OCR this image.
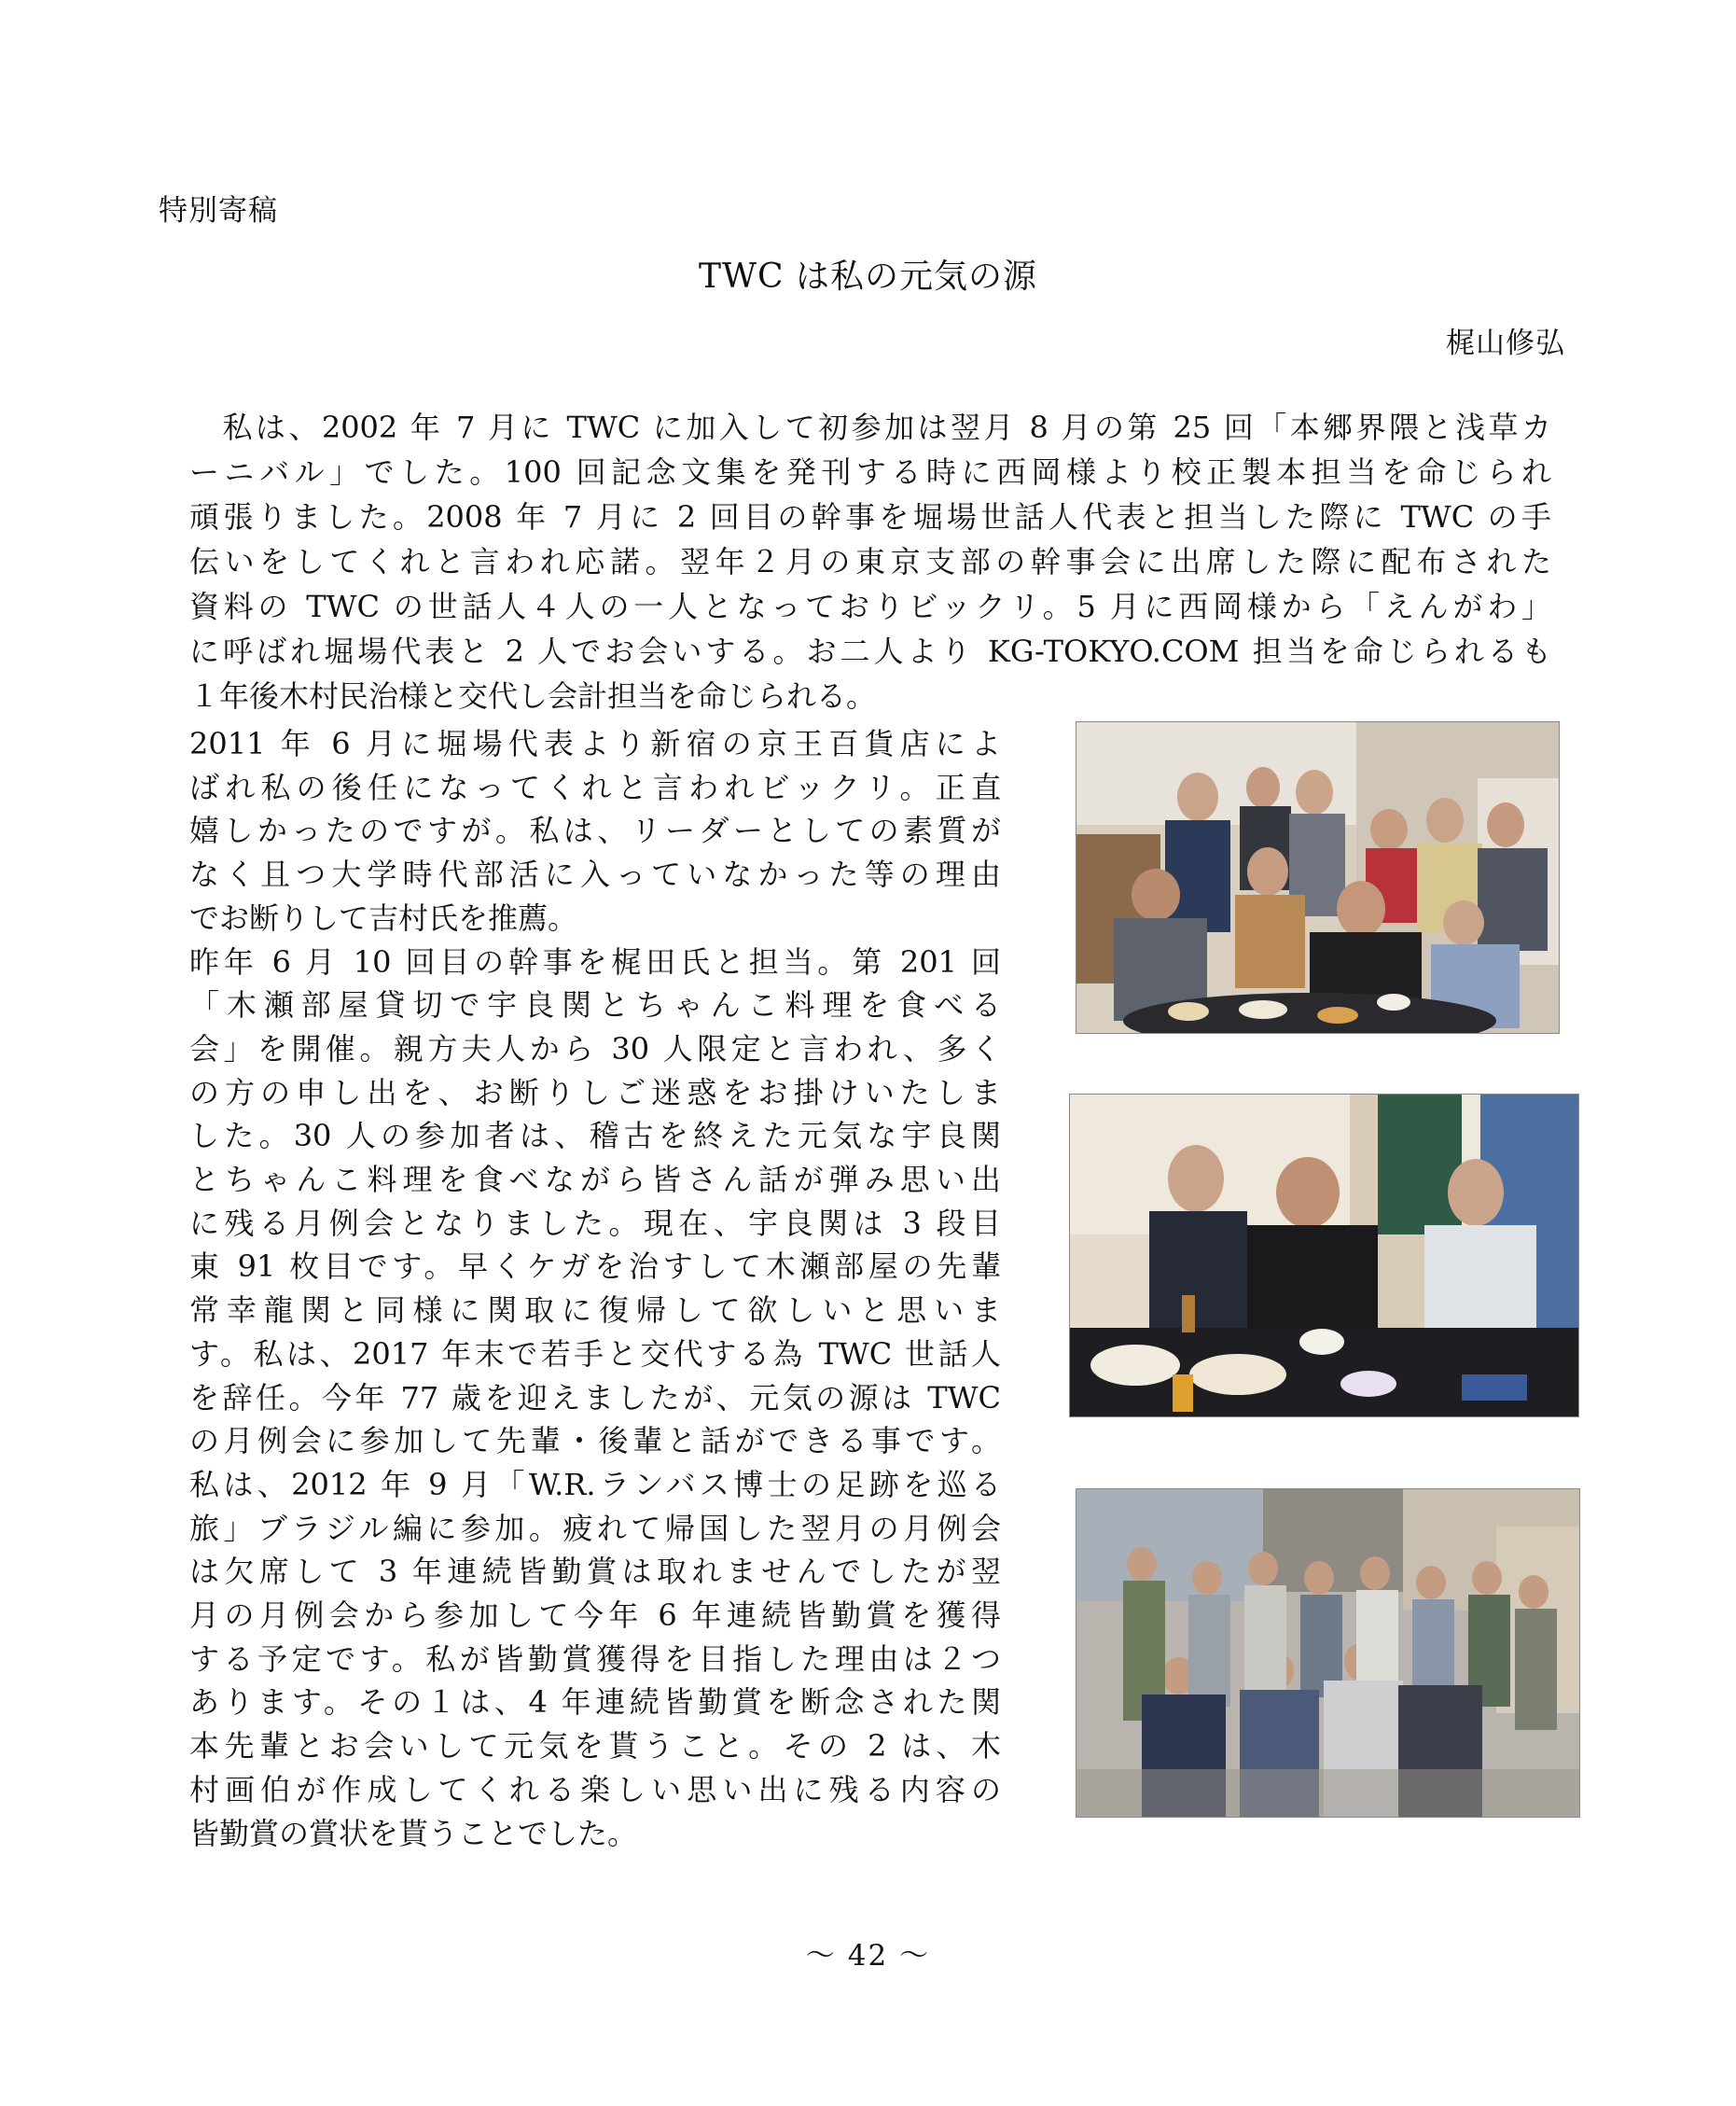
特別寄稿
TWC は私の元気の源
梶山修弘
　私は、2002 年 7 月に TWC に加入して初参加は翌月 8 月の第 25 回「本郷界隈と浅草カ
ーニバル」でした。100 回記念文集を発刊する時に西岡様より校正製本担当を命じられ
頑張りました。2008 年 7 月に 2 回目の幹事を堀場世話人代表と担当した際に TWC の手
伝いをしてくれと言われ応諾。翌年２月の東京支部の幹事会に出席した際に配布された
資料の TWC の世話人４人の一人となっておりビックリ。5 月に西岡様から「えんがわ」
に呼ばれ堀場代表と 2 人でお会いする。お二人より KG-TOKYO.COM 担当を命じられるも
１年後木村民治様と交代し会計担当を命じられる。
2011 年 6 月に堀場代表より新宿の京王百貨店によ
ばれ私の後任になってくれと言われビックリ。正直
嬉しかったのですが。私は、リーダーとしての素質が
なく且つ大学時代部活に入っていなかった等の理由
でお断りして吉村氏を推薦。
昨年 6 月 10 回目の幹事を梶田氏と担当。第 201 回
「木瀬部屋貸切で宇良関とちゃんこ料理を食べる
会」を開催。親方夫人から 30 人限定と言われ、多く
の方の申し出を、お断りしご迷惑をお掛けいたしま
した。30 人の参加者は、稽古を終えた元気な宇良関
とちゃんこ料理を食べながら皆さん話が弾み思い出
に残る月例会となりました。現在、宇良関は 3 段目
東 91 枚目です。早くケガを治すして木瀬部屋の先輩
常幸龍関と同様に関取に復帰して欲しいと思いま
す。私は、2017 年末で若手と交代する為 TWC 世話人
を辞任。今年 77 歳を迎えましたが、元気の源は TWC
の月例会に参加して先輩・後輩と話ができる事です。
私は、2012 年 9 月「W.R.ランバス博士の足跡を巡る
旅」ブラジル編に参加。疲れて帰国した翌月の月例会
は欠席して 3 年連続皆勤賞は取れませんでしたが翌
月の月例会から参加して今年 6 年連続皆勤賞を獲得
する予定です。私が皆勤賞獲得を目指した理由は２つ
あります。その１は、4 年連続皆勤賞を断念された関
本先輩とお会いして元気を貰うこと。その 2 は、木
村画伯が作成してくれる楽しい思い出に残る内容の
皆勤賞の賞状を貰うことでした。
～ 42 ～
